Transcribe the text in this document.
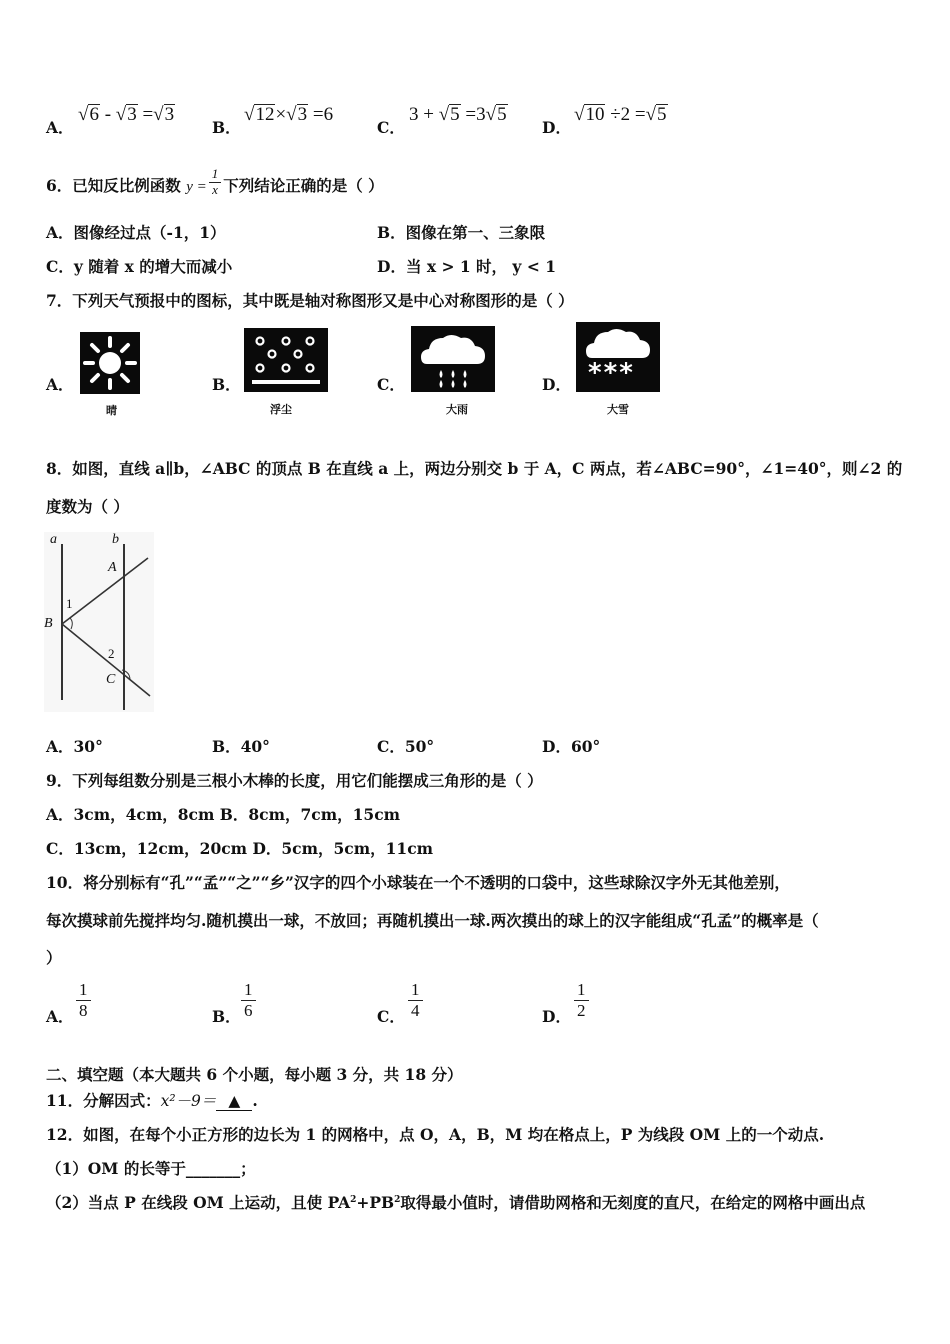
A．
√6 - √3 =√3
B．
√12×√3 =6
C．
3 + √5 =3√5
D．
√10 ÷2 =√5
6．已知反比例函数 $y = \frac{1}{x}$ 下列结论正确的是（ ）
A．图像经过点（-1，1）	B．图像在第一、三象限
C．y 随着 x 的增大而减小	D．当 x > 1 时， y < 1
7．下列天气预报中的图标，其中既是轴对称图形又是中心对称图形的是（ ）
A．
晴
B．
浮尘
C．
大雨
D． ***
大雪
8．如图，直线 a∥b，∠ABC 的顶点 B 在直线 a 上，两边分别交 b 于 A，C 两点，若∠ABC=90°，∠1=40°，则∠2 的
度数为（ ）
a	b
A
B
C
1
2
A．30°	B．40°	C．50°	D．60°
9．下列每组数分别是三根小木棒的长度，用它们能摆成三角形的是（ ）
A．3cm，4cm，8cm B．8cm，7cm，15cm
C．13cm，12cm，20cm D．5cm，5cm，11cm
10．将分别标有“孔”“孟”“之”“乡”汉字的四个小球装在一个不透明的口袋中，这些球除汉字外无其他差别，
每次摸球前先搅拌均匀.随机摸出一球，不放回；再随机摸出一球.两次摸出的球上的汉字能组成“孔孟”的概率是（
）
A． $\frac{1}{8}$	B． $\frac{1}{6}$	C． $\frac{1}{4}$	D． $\frac{1}{2}$
二、填空题（本大题共 6 个小题，每小题 3 分，共 18 分）
11．分解因式：x²－9＝ ▲ .
12．如图，在每个小正方形的边长为 1 的网格中，点 O，A，B，M 均在格点上，P 为线段 OM 上的一个动点.
（1）OM 的长等于_______；
（2）当点 P 在线段 OM 上运动，且使 $PA^2+PB^2$取得最小值时，请借助网格和无刻度的直尺，在给定的网格中画出点
